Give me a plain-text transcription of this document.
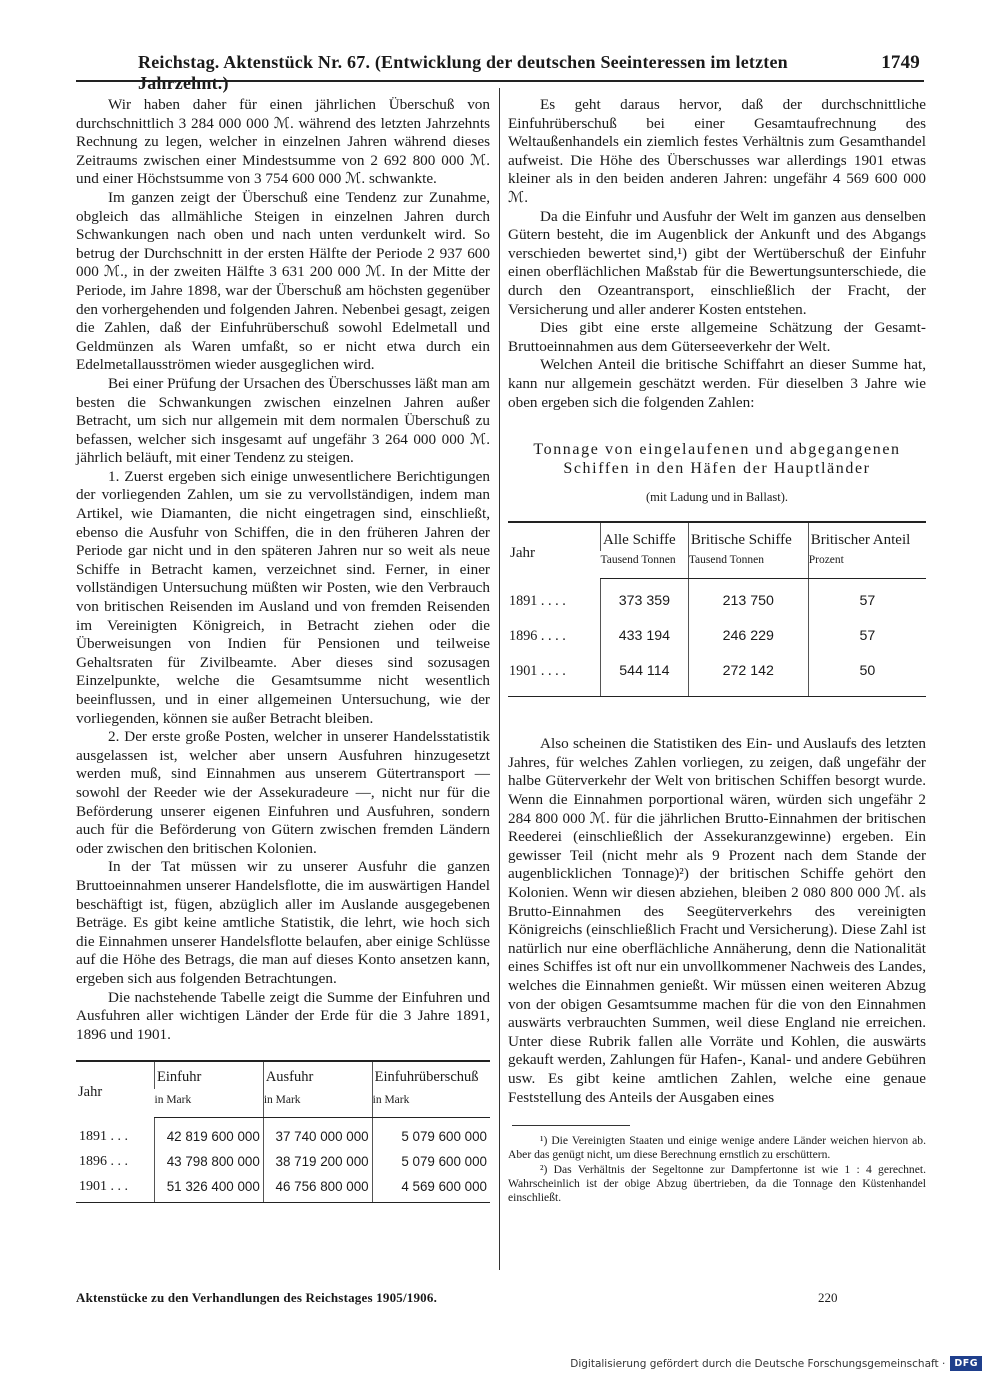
Reichstag. Aktenstück Nr. 67. (Entwicklung der deutschen Seeinteressen im letzten Jahrzehnt.)
1749

Wir haben daher für einen jährlichen Überschuß von durchschnittlich 3 284 000 000 ℳ. während des letzten Jahrzehnts Rechnung zu legen, welcher in einzelnen Jahren während dieses Zeitraums zwischen einer Mindestsumme von 2 692 800 000 ℳ. und einer Höchstsumme von 3 754 600 000 ℳ. schwankte.

Im ganzen zeigt der Überschuß eine Tendenz zur Zunahme, obgleich das allmähliche Steigen in einzelnen Jahren durch Schwankungen nach oben und nach unten verdunkelt wird. So betrug der Durchschnitt in der ersten Hälfte der Periode 2 937 600 000 ℳ., in der zweiten Hälfte 3 631 200 000 ℳ. In der Mitte der Periode, im Jahre 1898, war der Überschuß am höchsten gegenüber den vorhergehenden und folgenden Jahren. Nebenbei gesagt, zeigen die Zahlen, daß der Einfuhrüberschuß sowohl Edelmetall und Geldmünzen als Waren umfaßt, so er nicht etwa durch ein Edelmetallausströmen wieder ausgeglichen wird.

Bei einer Prüfung der Ursachen des Überschusses läßt man am besten die Schwankungen zwischen einzelnen Jahren außer Betracht, um sich nur allgemein mit dem normalen Überschuß zu befassen, welcher sich insgesamt auf ungefähr 3 264 000 000 ℳ. jährlich beläuft, mit einer Tendenz zu steigen.

1. Zuerst ergeben sich einige unwesentlichere Berichtigungen der vorliegenden Zahlen, um sie zu vervollständigen, indem man Artikel, wie Diamanten, die nicht eingetragen sind, einschließt, ebenso die Ausfuhr von Schiffen, die in den früheren Jahren der Periode gar nicht und in den späteren Jahren nur so weit als neue Schiffe in Betracht kamen, verzeichnet sind. Ferner, in einer vollständigen Untersuchung müßten wir Posten, wie den Verbrauch von britischen Reisenden im Ausland und von fremden Reisenden im Vereinigten Königreich, in Betracht ziehen oder die Überweisungen von Indien für Pensionen und teilweise Gehaltsraten für Zivilbeamte. Aber dieses sind sozusagen Einzelpunkte, welche die Gesamtsumme nicht wesentlich beeinflussen, und in einer allgemeinen Untersuchung, wie der vorliegenden, können sie außer Betracht bleiben.

2. Der erste große Posten, welcher in unserer Handelsstatistik ausgelassen ist, welcher aber unsern Ausfuhren hinzugesetzt werden muß, sind Einnahmen aus unserem Gütertransport — sowohl der Reeder wie der Assekuradeure —, nicht nur für die Beförderung unserer eigenen Einfuhren und Ausfuhren, sondern auch für die Beförderung von Gütern zwischen fremden Ländern oder zwischen den britischen Kolonien.

In der Tat müssen wir zu unserer Ausfuhr die ganzen Bruttoeinnahmen unserer Handelsflotte, die im auswärtigen Handel beschäftigt ist, fügen, abzüglich aller im Auslande ausgegebenen Beträge. Es gibt keine amtliche Statistik, die lehrt, wie hoch sich die Einnahmen unserer Handelsflotte belaufen, aber einige Schlüsse auf die Höhe des Betrags, die man auf dieses Konto ansetzen kann, ergeben sich aus folgenden Betrachtungen.

Die nachstehende Tabelle zeigt die Summe der Einfuhren und Ausfuhren aller wichtigen Länder der Erde für die 3 Jahre 1891, 1896 und 1901.

Jahr	Einfuhr	Ausfuhr	Einfuhrüberschuß
	in Mark	in Mark	in Mark
1891 . . .	42 819 600 000	37 740 000 000	5 079 600 000
1896 . . .	43 798 800 000	38 719 200 000	5 079 600 000
1901 . . .	51 326 400 000	46 756 800 000	4 569 600 000

Es geht daraus hervor, daß der durchschnittliche Einfuhrüberschuß bei einer Gesamtaufrechnung des Weltaußenhandels ein ziemlich festes Verhältnis zum Gesamthandel aufweist. Die Höhe des Überschusses war allerdings 1901 etwas kleiner als in den beiden anderen Jahren: ungefähr 4 569 600 000 ℳ.

Da die Einfuhr und Ausfuhr der Welt im ganzen aus denselben Gütern besteht, die im Augenblick der Ankunft und des Abgangs verschieden bewertet sind,¹) gibt der Wertüberschuß der Einfuhr einen oberflächlichen Maßstab für die Bewertungsunterschiede, die durch den Ozeantransport, einschließlich der Fracht, der Versicherung und aller anderer Kosten entstehen.

Dies gibt eine erste allgemeine Schätzung der Gesamt-Bruttoeinnahmen aus dem Güterseeverkehr der Welt.

Welchen Anteil die britische Schiffahrt an dieser Summe hat, kann nur allgemein geschätzt werden. Für dieselben 3 Jahre wie oben ergeben sich die folgenden Zahlen:

Tonnage von eingelaufenen und abgegangenen Schiffen in den Häfen der Hauptländer
(mit Ladung und in Ballast).
Jahr	Alle Schiffe	Britische Schiffe	Britischer Anteil
	Tausend Tonnen	Tausend Tonnen	Prozent
1891 . . . .	373 359	213 750	57
1896 . . . .	433 194	246 229	57
1901 . . . .	544 114	272 142	50

Also scheinen die Statistiken des Ein- und Auslaufs des letzten Jahres, für welches Zahlen vorliegen, zu zeigen, daß ungefähr der halbe Güterverkehr der Welt von britischen Schiffen besorgt wurde. Wenn die Einnahmen porportional wären, würden sich ungefähr 2 284 800 000 ℳ. für die jährlichen Brutto-Einnahmen der britischen Reederei (einschließlich der Assekuranzgewinne) ergeben. Ein gewisser Teil (nicht mehr als 9 Prozent nach dem Stande der augenblicklichen Tonnage)²) der britischen Schiffe gehört den Kolonien. Wenn wir diesen abziehen, bleiben 2 080 800 000 ℳ. als Brutto-Einnahmen des Seegüterverkehrs des vereinigten Königreichs (einschließlich Fracht und Versicherung). Diese Zahl ist natürlich nur eine oberflächliche Annäherung, denn die Nationalität eines Schiffes ist oft nur ein unvollkommener Nachweis des Landes, welches die Einnahmen genießt. Wir müssen einen weiteren Abzug von der obigen Gesamtsumme machen für die von den Einnahmen auswärts verbrauchten Summen, weil diese England nie erreichen. Unter diese Rubrik fallen alle Vorräte und Kohlen, die auswärts gekauft werden, Zahlungen für Hafen-, Kanal- und andere Gebühren usw. Es gibt keine amtlichen Zahlen, welche eine genaue Feststellung des Anteils der Ausgaben eines

¹) Die Vereinigten Staaten und einige wenige andere Länder weichen hiervon ab. Aber das genügt nicht, um diese Berechnung ernstlich zu erschüttern.

²) Das Verhältnis der Segeltonne zur Dampfertonne ist wie 1 : 4 gerechnet. Wahrscheinlich ist der obige Abzug übertrieben, da die Tonnage den Küstenhandel einschließt.

Aktenstücke zu den Verhandlungen des Reichstages 1905/1906.	220
Digitalisierung gefördert durch die Deutsche Forschungsgemeinschaft · DFG
